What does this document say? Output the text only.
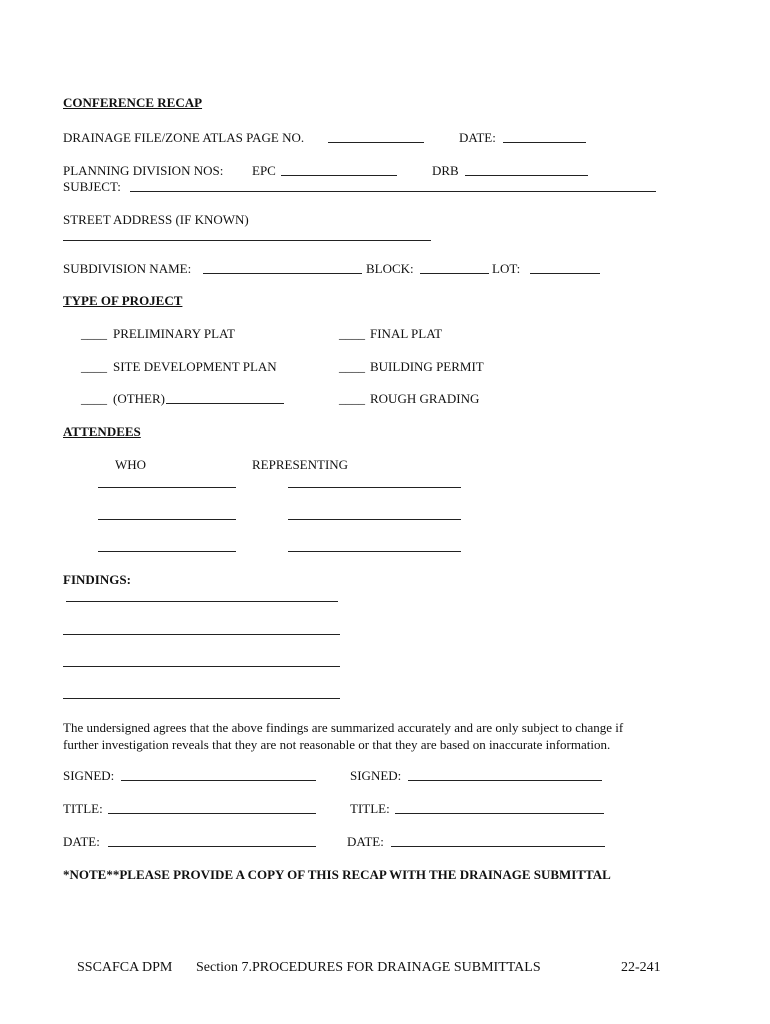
CONFERENCE RECAP
DRAINAGE FILE/ZONE ATLAS PAGE NO.	DATE:
PLANNING DIVISION NOS: EPC	DRB
SUBJECT:
STREET ADDRESS (IF KNOWN)
SUBDIVISION NAME:	BLOCK:	LOT:
TYPE OF PROJECT
____ PRELIMINARY PLAT	____ FINAL PLAT
____ SITE DEVELOPMENT PLAN	____ BUILDING PERMIT
____ (OTHER)	____ ROUGH GRADING
ATTENDEES
WHO	REPRESENTING
FINDINGS:
The undersigned agrees that the above findings are summarized accurately and are only subject to change if
further investigation reveals that they are not reasonable or that they are based on inaccurate information.
SIGNED:	SIGNED:
TITLE:	TITLE:
DATE:	DATE:
*NOTE**PLEASE PROVIDE A COPY OF THIS RECAP WITH THE DRAINAGE SUBMITTAL
SSCAFCA DPM Section 7.PROCEDURES FOR DRAINAGE SUBMITTALS	22-241
